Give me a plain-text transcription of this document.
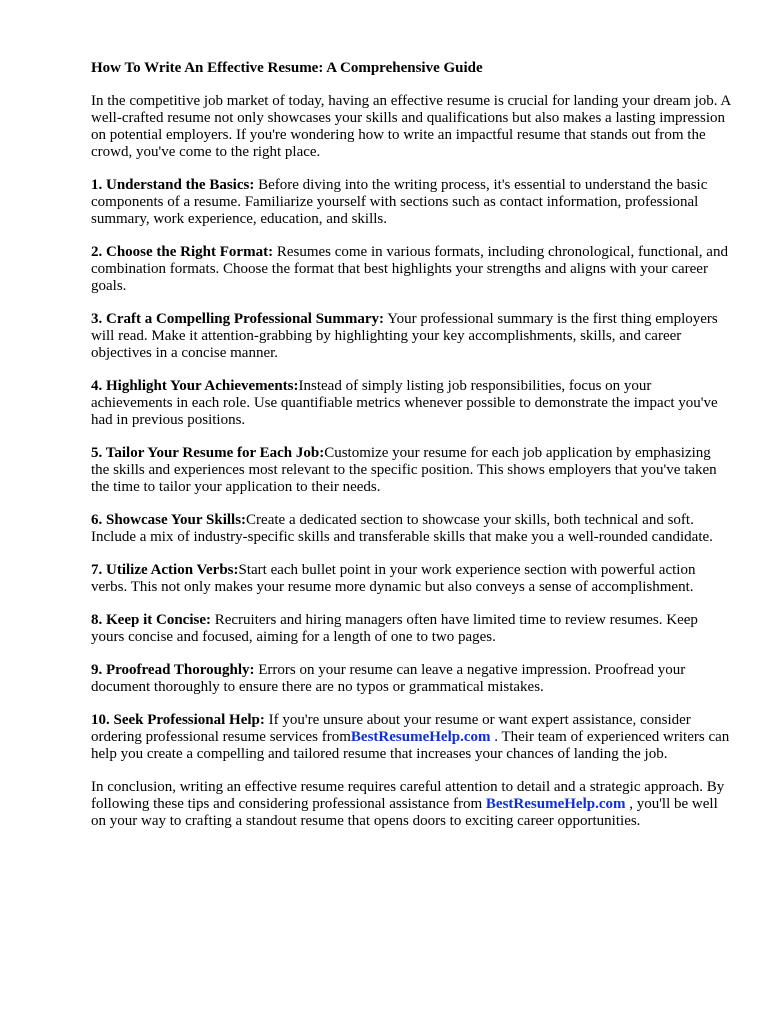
How To Write An Effective Resume: A Comprehensive Guide
In the competitive job market of today, having an effective resume is crucial for landing your dream job. A well-crafted resume not only showcases your skills and qualifications but also makes a lasting impression on potential employers. If you're wondering how to write an impactful resume that stands out from the crowd, you've come to the right place.
1. Understand the Basics: Before diving into the writing process, it's essential to understand the basic components of a resume. Familiarize yourself with sections such as contact information, professional summary, work experience, education, and skills.
2. Choose the Right Format: Resumes come in various formats, including chronological, functional, and combination formats. Choose the format that best highlights your strengths and aligns with your career goals.
3. Craft a Compelling Professional Summary: Your professional summary is the first thing employers will read. Make it attention-grabbing by highlighting your key accomplishments, skills, and career objectives in a concise manner.
4. Highlight Your Achievements:Instead of simply listing job responsibilities, focus on your achievements in each role. Use quantifiable metrics whenever possible to demonstrate the impact you've had in previous positions.
5. Tailor Your Resume for Each Job:Customize your resume for each job application by emphasizing the skills and experiences most relevant to the specific position. This shows employers that you've taken the time to tailor your application to their needs.
6. Showcase Your Skills:Create a dedicated section to showcase your skills, both technical and soft. Include a mix of industry-specific skills and transferable skills that make you a well-rounded candidate.
7. Utilize Action Verbs:Start each bullet point in your work experience section with powerful action verbs. This not only makes your resume more dynamic but also conveys a sense of accomplishment.
8. Keep it Concise: Recruiters and hiring managers often have limited time to review resumes. Keep yours concise and focused, aiming for a length of one to two pages.
9. Proofread Thoroughly: Errors on your resume can leave a negative impression. Proofread your document thoroughly to ensure there are no typos or grammatical mistakes.
10. Seek Professional Help: If you're unsure about your resume or want expert assistance, consider ordering professional resume services fromBestResumeHelp.com . Their team of experienced writers can help you create a compelling and tailored resume that increases your chances of landing the job.
In conclusion, writing an effective resume requires careful attention to detail and a strategic approach. By following these tips and considering professional assistance from BestResumeHelp.com , you'll be well on your way to crafting a standout resume that opens doors to exciting career opportunities.
